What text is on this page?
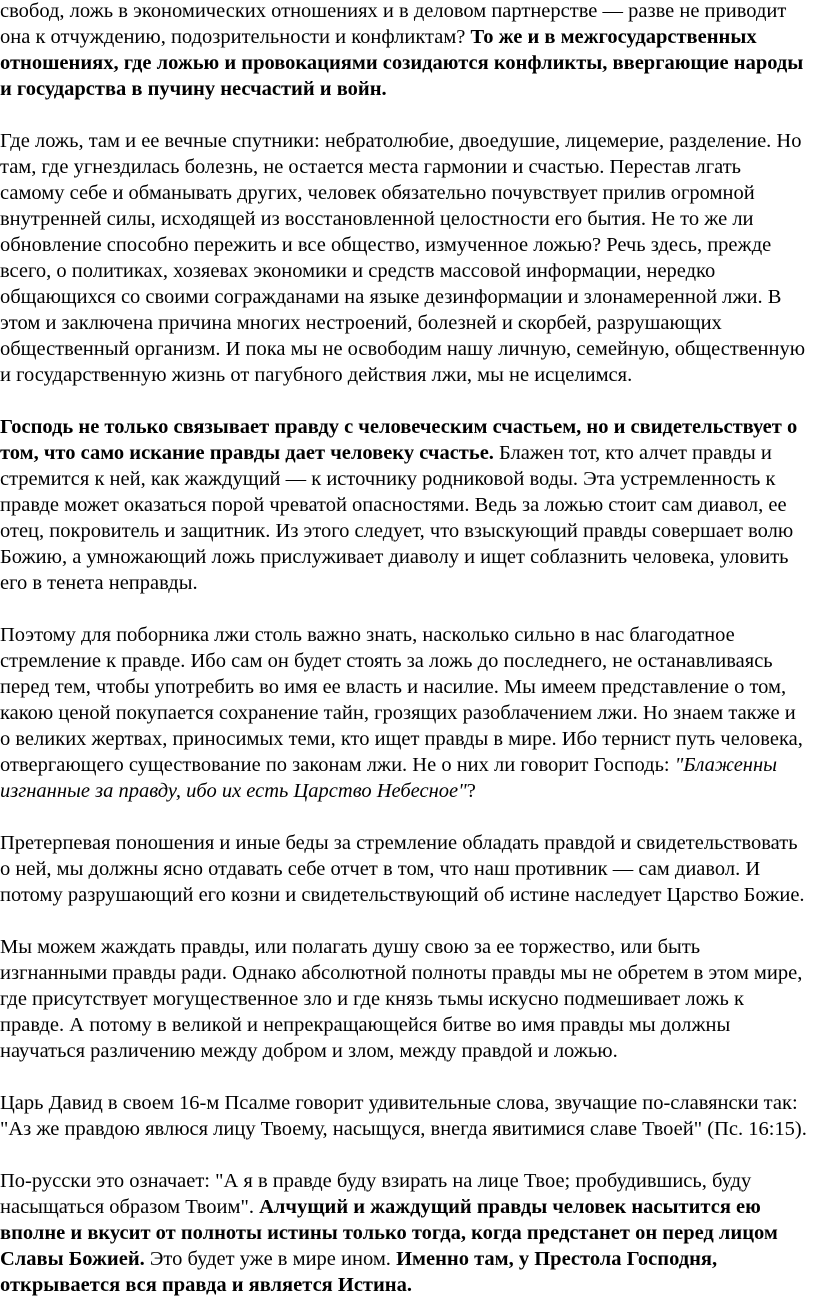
свобод, ложь в экономических отношениях и в деловом партнерстве — разве не приводит она к отчуждению, подозрительности и конфликтам? То же и в межгосударственных отношениях, где ложью и провокациями созидаются конфликты, ввергающие народы и государства в пучину несчастий и войн.

Где ложь, там и ее вечные спутники: небратолюбие, двоедушие, лицемерие, разделение. Но там, где угнездилась болезнь, не остается места гармонии и счастью. Перестав лгать самому себе и обманывать других, человек обязательно почувствует прилив огромной внутренней силы, исходящей из восстановленной целостности его бытия. Не то же ли обновление способно пережить и все общество, измученное ложью? Речь здесь, прежде всего, о политиках, хозяевах экономики и средств массовой информации, нередко общающихся со своими согражданами на языке дезинформации и злонамеренной лжи. В этом и заключена причина многих нестроений, болезней и скорбей, разрушающих общественный организм. И пока мы не освободим нашу личную, семейную, общественную и государственную жизнь от пагубного действия лжи, мы не исцелимся.

Господь не только связывает правду с человеческим счастьем, но и свидетельствует о том, что само искание правды дает человеку счастье. Блажен тот, кто алчет правды и стремится к ней, как жаждущий — к источнику родниковой воды. Эта устремленность к правде может оказаться порой чреватой опасностями. Ведь за ложью стоит сам диавол, ее отец, покровитель и защитник. Из этого следует, что взыскующий правды совершает волю Божию, а умножающий ложь прислуживает диаволу и ищет соблазнить человека, уловить его в тенета неправды.

Поэтому для поборника лжи столь важно знать, насколько сильно в нас благодатное стремление к правде. Ибо сам он будет стоять за ложь до последнего, не останавливаясь перед тем, чтобы употребить во имя ее власть и насилие. Мы имеем представление о том, какою ценой покупается сохранение тайн, грозящих разоблачением лжи. Но знаем также и о великих жертвах, приносимых теми, кто ищет правды в мире. Ибо тернист путь человека, отвергающего существование по законам лжи. Не о них ли говорит Господь: "Блаженны изгнанные за правду, ибо их есть Царство Небесное"?

Претерпевая поношения и иные беды за стремление обладать правдой и свидетельствовать о ней, мы должны ясно отдавать себе отчет в том, что наш противник — сам диавол. И потому разрушающий его козни и свидетельствующий об истине наследует Царство Божие.

Мы можем жаждать правды, или полагать душу свою за ее торжество, или быть изгнанными правды ради. Однако абсолютной полноты правды мы не обретем в этом мире, где присутствует могущественное зло и где князь тьмы искусно подмешивает ложь к правде. А потому в великой и непрекращающейся битве во имя правды мы должны научаться различению между добром и злом, между правдой и ложью.

Царь Давид в своем 16-м Псалме говорит удивительные слова, звучащие по-славянски так: "Аз же правдою явлюся лицу Твоему, насыщуся, внегда явитимися славе Твоей" (Пс. 16:15).

По-русски это означает: "А я в правде буду взирать на лице Твое; пробудившись, буду насыщаться образом Твоим". Алчущий и жаждущий правды человек насытится ею вполне и вкусит от полноты истины только тогда, когда предстанет он перед лицом Славы Божией. Это будет уже в мире ином. Именно там, у Престола Господня, открывается вся правда и является Истина.
